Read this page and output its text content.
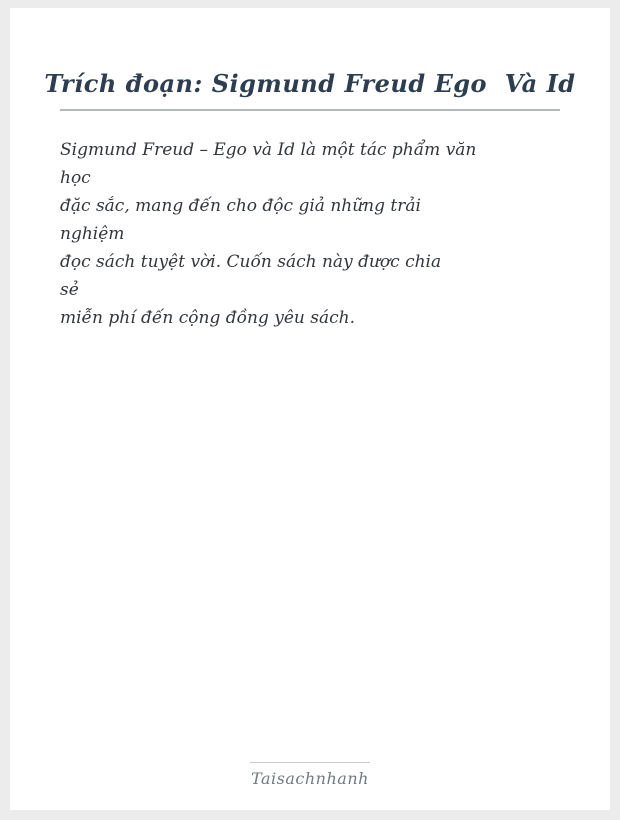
Trích đoạn: Sigmund Freud Ego  Và Id

Sigmund Freud – Ego và Id là một tác phẩm văn

học

đặc sắc, mang đến cho độc giả những trải

nghiệm

đọc sách tuyệt vời. Cuốn sách này được chia

sẻ

miễn phí đến cộng đồng yêu sách.

Taisachnhanh
